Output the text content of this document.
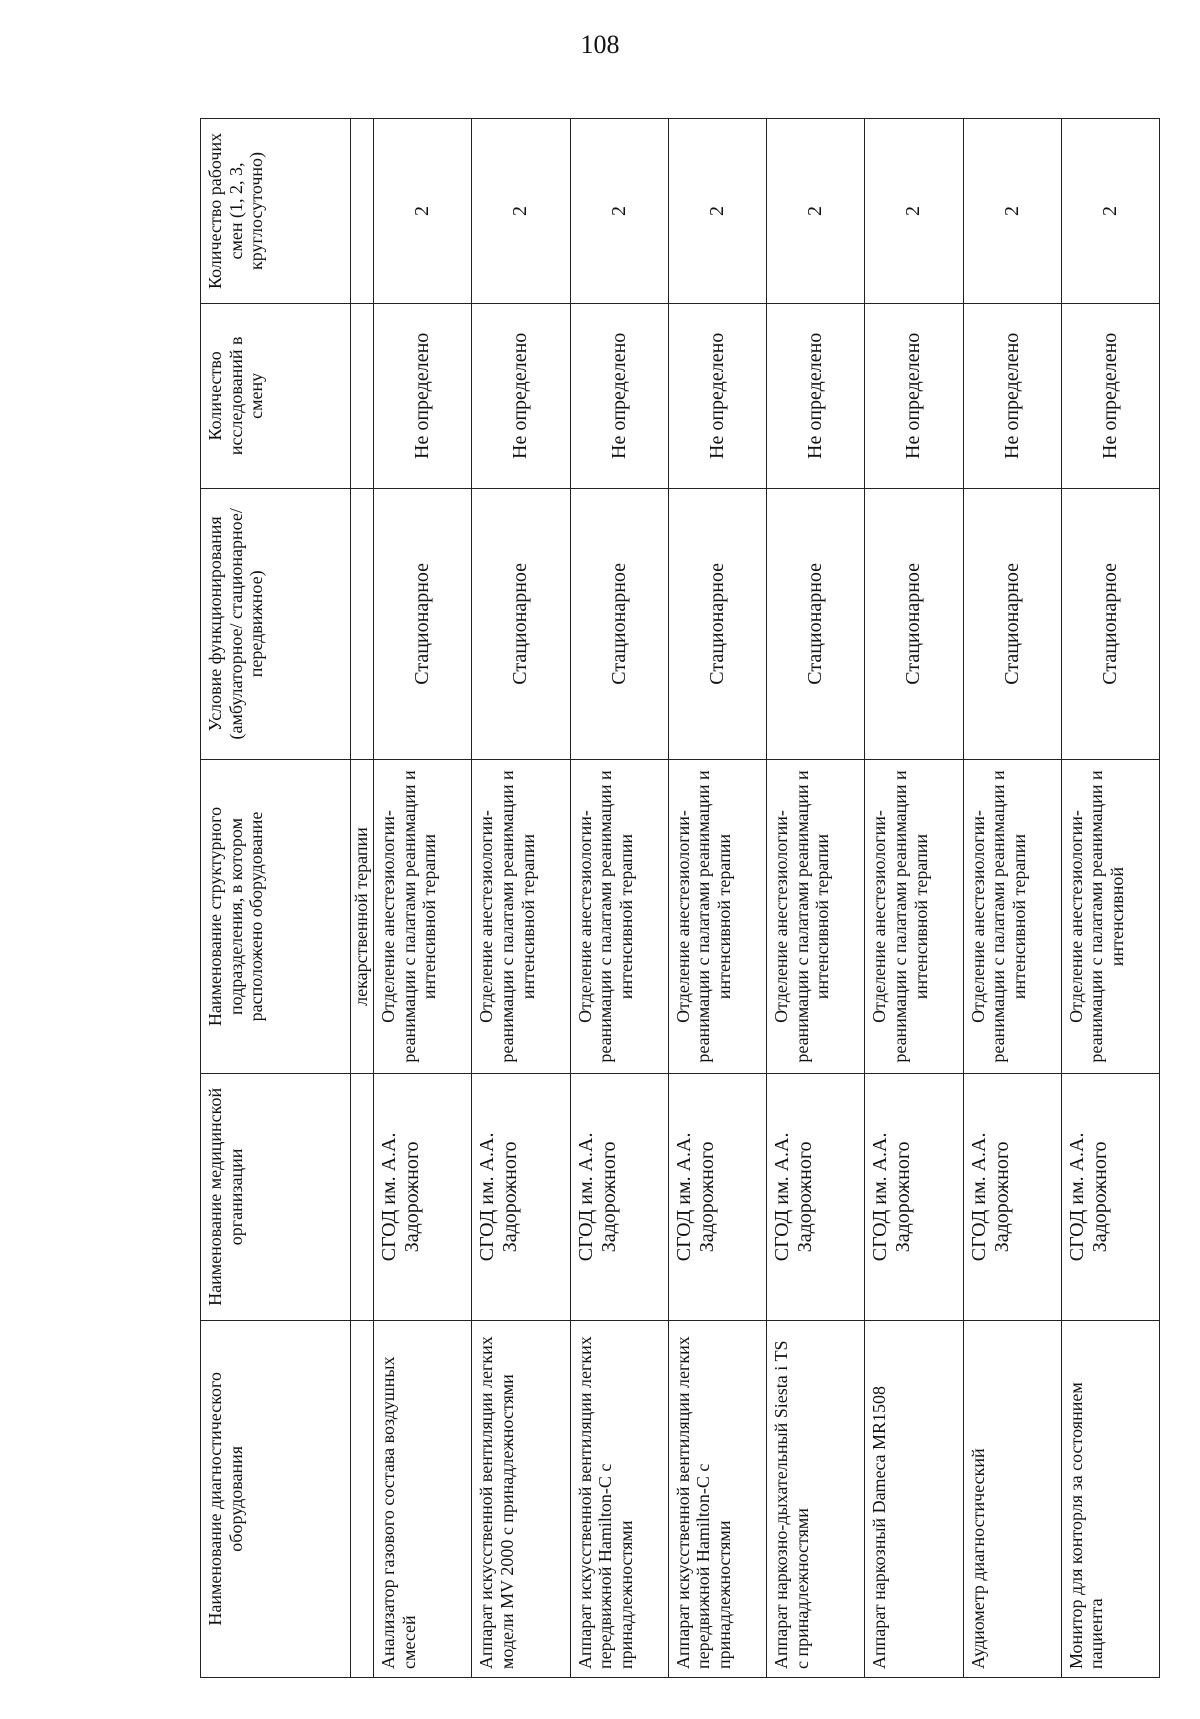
108
Наименование диагностического оборудования	Наименование медицинской организации	Наименование структурного подразделения, в котором расположено оборудование	Условие функционирования (амбулаторное/ стационарное/ передвижное)	Количество исследований в смену	Количество рабочих смен (1, 2, 3, круглосуточно)
		лекарственной терапии			
Анализатор газового состава воздушных смесей	СГОД им. А.А. Задорожного	Отделение анестезиологии-реанимации с палатами реанимации и интенсивной терапии	Стационарное	Не определено	2
Аппарат искусственной вентиляции легких модели MV 2000 с принадлежностями	СГОД им. А.А. Задорожного	Отделение анестезиологии-реанимации с палатами реанимации и интенсивной терапии	Стационарное	Не определено	2
Аппарат искусственной вентиляции легких передвижной Hamilton-C с принадлежностями	СГОД им. А.А. Задорожного	Отделение анестезиологии-реанимации с палатами реанимации и интенсивной терапии	Стационарное	Не определено	2
Аппарат искусственной вентиляции легких передвижной Hamilton-C с принадлежностями	СГОД им. А.А. Задорожного	Отделение анестезиологии-реанимации с палатами реанимации и интенсивной терапии	Стационарное	Не определено	2
Аппарат наркозно-дыхательный Siesta i TS с принадлежностями	СГОД им. А.А. Задорожного	Отделение анестезиологии-реанимации с палатами реанимации и интенсивной терапии	Стационарное	Не определено	2
Аппарат наркозный Dameca MR1508	СГОД им. А.А. Задорожного	Отделение анестезиологии-реанимации с палатами реанимации и интенсивной терапии	Стационарное	Не определено	2
Аудиометр диагностический	СГОД им. А.А. Задорожного	Отделение анестезиологии-реанимации с палатами реанимации и интенсивной терапии	Стационарное	Не определено	2
Монитор для конторля за состоянием пациента	СГОД им. А.А. Задорожного	Отделение анестезиологии-реанимации с палатами реанимации и интенсивной	Стационарное	Не определено	2
